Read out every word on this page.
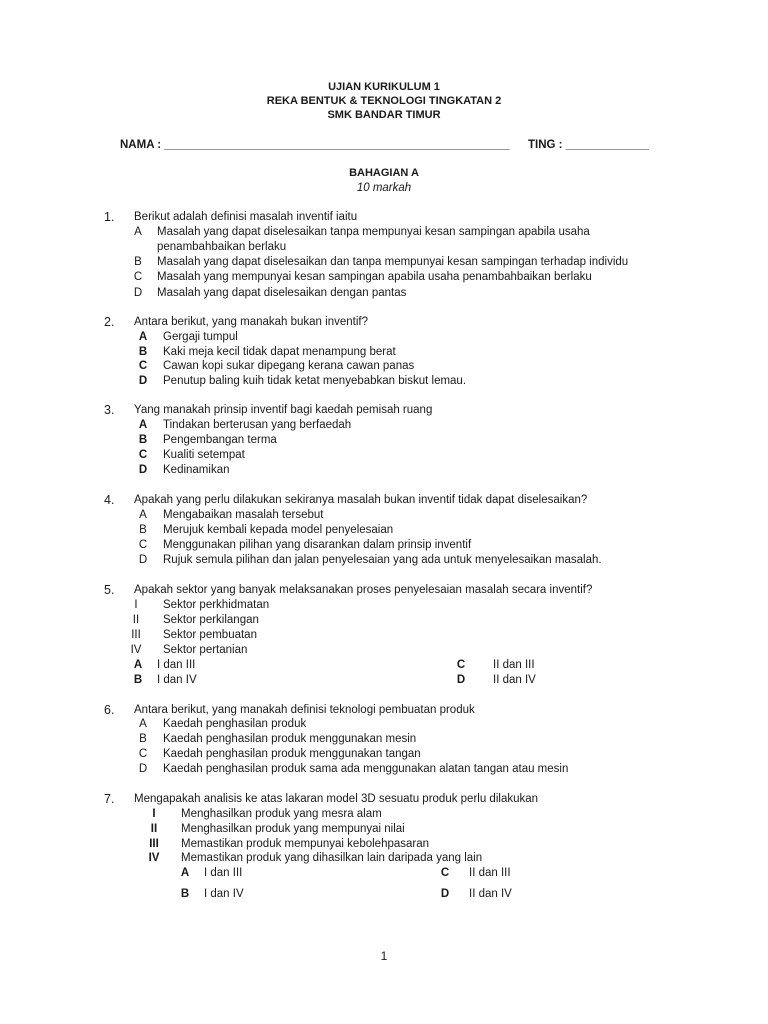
UJIAN KURIKULUM 1
REKA BENTUK & TEKNOLOGI TINGKATAN 2
SMK BANDAR TIMUR
NAMA : ______________________________________________________ TING : _____________
BAHAGIAN A
10 markah
1. Berikut adalah definisi masalah inventif iaitu
A	Masalah yang dapat diselesaikan tanpa mempunyai kesan sampingan apabila usaha
penambahbaikan berlaku
B	Masalah yang dapat diselesaikan dan tanpa mempunyai kesan sampingan terhadap individu
C	Masalah yang mempunyai kesan sampingan apabila usaha penambahbaikan berlaku
D	Masalah yang dapat diselesaikan dengan pantas
2. Antara berikut, yang manakah bukan inventif?
A	Gergaji tumpul
B	Kaki meja kecil tidak dapat menampung berat
C	Cawan kopi sukar dipegang kerana cawan panas
D	Penutup baling kuih tidak ketat menyebabkan biskut lemau.
3. Yang manakah prinsip inventif bagi kaedah pemisah ruang
A	Tindakan berterusan yang berfaedah
B	Pengembangan terma
C	Kualiti setempat
D	Kedinamikan
4. Apakah yang perlu dilakukan sekiranya masalah bukan inventif tidak dapat diselesaikan?
A	Mengabaikan masalah tersebut
B	Merujuk kembali kepada model penyelesaian
C	Menggunakan pilihan yang disarankan dalam prinsip inventif
D	Rujuk semula pilihan dan jalan penyelesaian yang ada untuk menyelesaikan masalah.
5. Apakah sektor yang banyak melaksanakan proses penyelesaian masalah secara inventif?
I	Sektor perkhidmatan
II	Sektor perkilangan
III	Sektor pembuatan
IV	Sektor pertanian
A	I dan III
B	I dan IV
C	II dan III
D	II dan IV
6. Antara berikut, yang manakah definisi teknologi pembuatan produk
A	Kaedah penghasilan produk
B	Kaedah penghasilan produk menggunakan mesin
C	Kaedah penghasilan produk menggunakan tangan
D	Kaedah penghasilan produk sama ada menggunakan alatan tangan atau mesin
7. Mengapakah analisis ke atas lakaran model 3D sesuatu produk perlu dilakukan
I	Menghasilkan produk yang mesra alam
II	Menghasilkan produk yang mempunyai nilai
III	Memastikan produk mempunyai kebolehpasaran
IV	Memastikan produk yang dihasilkan lain daripada yang lain
A	I dan III
B	I dan IV
C	II dan III
D	II dan IV
1
